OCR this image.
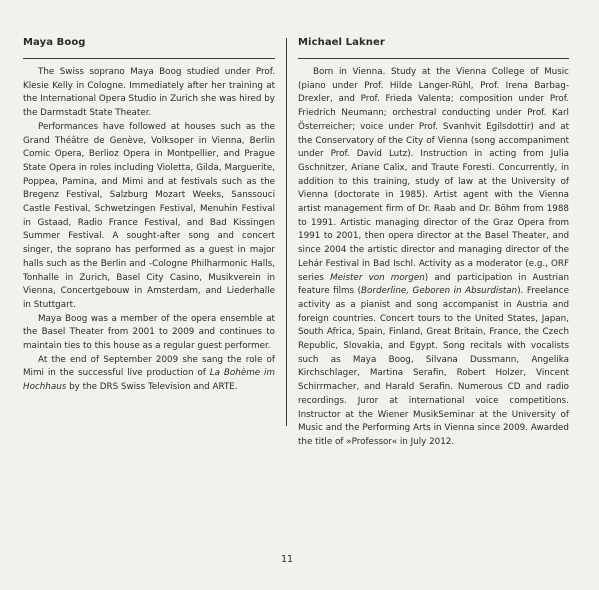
Maya Boog

The Swiss soprano Maya Boog studied under Prof. Klesie Kelly in Cologne. Immediately after her training at the International Opera Studio in Zurich she was hired by the Darmstadt State Theater.

Performances have followed at houses such as the Grand Théâtre de Genève, Volksoper in Vienna, Berlin Comic Opera, Berlioz Opera in Montpellier, and Prague State Opera in roles including Violetta, Gilda, Marguerite, Poppea, Pamina, and Mimi and at festivals such as the Bregenz Festival, Salzburg Mozart Weeks, Sanssouci Castle Festival, Schwetzingen Festival, Menuhin Festival in Gstaad, Radio France Festival, and Bad Kissingen Summer Festival. A sought-after song and concert singer, the soprano has performed as a guest in major halls such as the Berlin and -Cologne Philharmonic Halls, Tonhalle in Zurich, Basel City Casino, Musikverein in Vienna, Concertgebouw in Amsterdam, and Liederhalle in Stuttgart.

Maya Boog was a member of the opera ensemble at the Basel Theater from 2001 to 2009 and continues to maintain ties to this house as a regular guest performer.

At the end of September 2009 she sang the role of Mimi in the successful live production of La Bohème im Hochhaus by the DRS Swiss Television and ARTE.

Michael Lakner

Born in Vienna. Study at the Vienna College of Music (piano under Prof. Hilde Langer-Rühl, Prof. Irena Barbag-Drexler, and Prof. Frieda Valenta; composition under Prof. Friedrich Neumann; orchestral conducting under Prof. Karl Österreicher; voice under Prof. Svanhvit Egilsdottir) and at the Conservatory of the City of Vienna (song accompaniment under Prof. David Lutz). Instruction in acting from Julia Gschnitzer, Ariane Calix, and Traute Foresti. Concurrently, in addition to this training, study of law at the University of Vienna (doctorate in 1985). Artist agent with the Vienna artist management firm of Dr. Raab and Dr. Böhm from 1988 to 1991. Artistic managing director of the Graz Opera from 1991 to 2001, then opera director at the Basel Theater, and since 2004 the artistic director and managing director of the Lehár Festival in Bad Ischl. Activity as a moderator (e.g., ORF series Meister von morgen) and participation in Austrian feature films (Borderline, Geboren in Absurdistan). Freelance activity as a pianist and song accompanist in Austria and foreign countries. Concert tours to the United States, Japan, South Africa, Spain, Finland, Great Britain, France, the Czech Republic, Slovakia, and Egypt. Song recitals with vocalists such as Maya Boog, Silvana Dussmann, Angelika Kirchschlager, Martina Serafin, Robert Holzer, Vincent Schirrmacher, and Harald Serafin. Numerous CD and radio recordings. Juror at international voice competitions. Instructor at the Wiener MusikSeminar at the University of Music and the Performing Arts in Vienna since 2009. Awarded the title of »Professor« in July 2012.

11
